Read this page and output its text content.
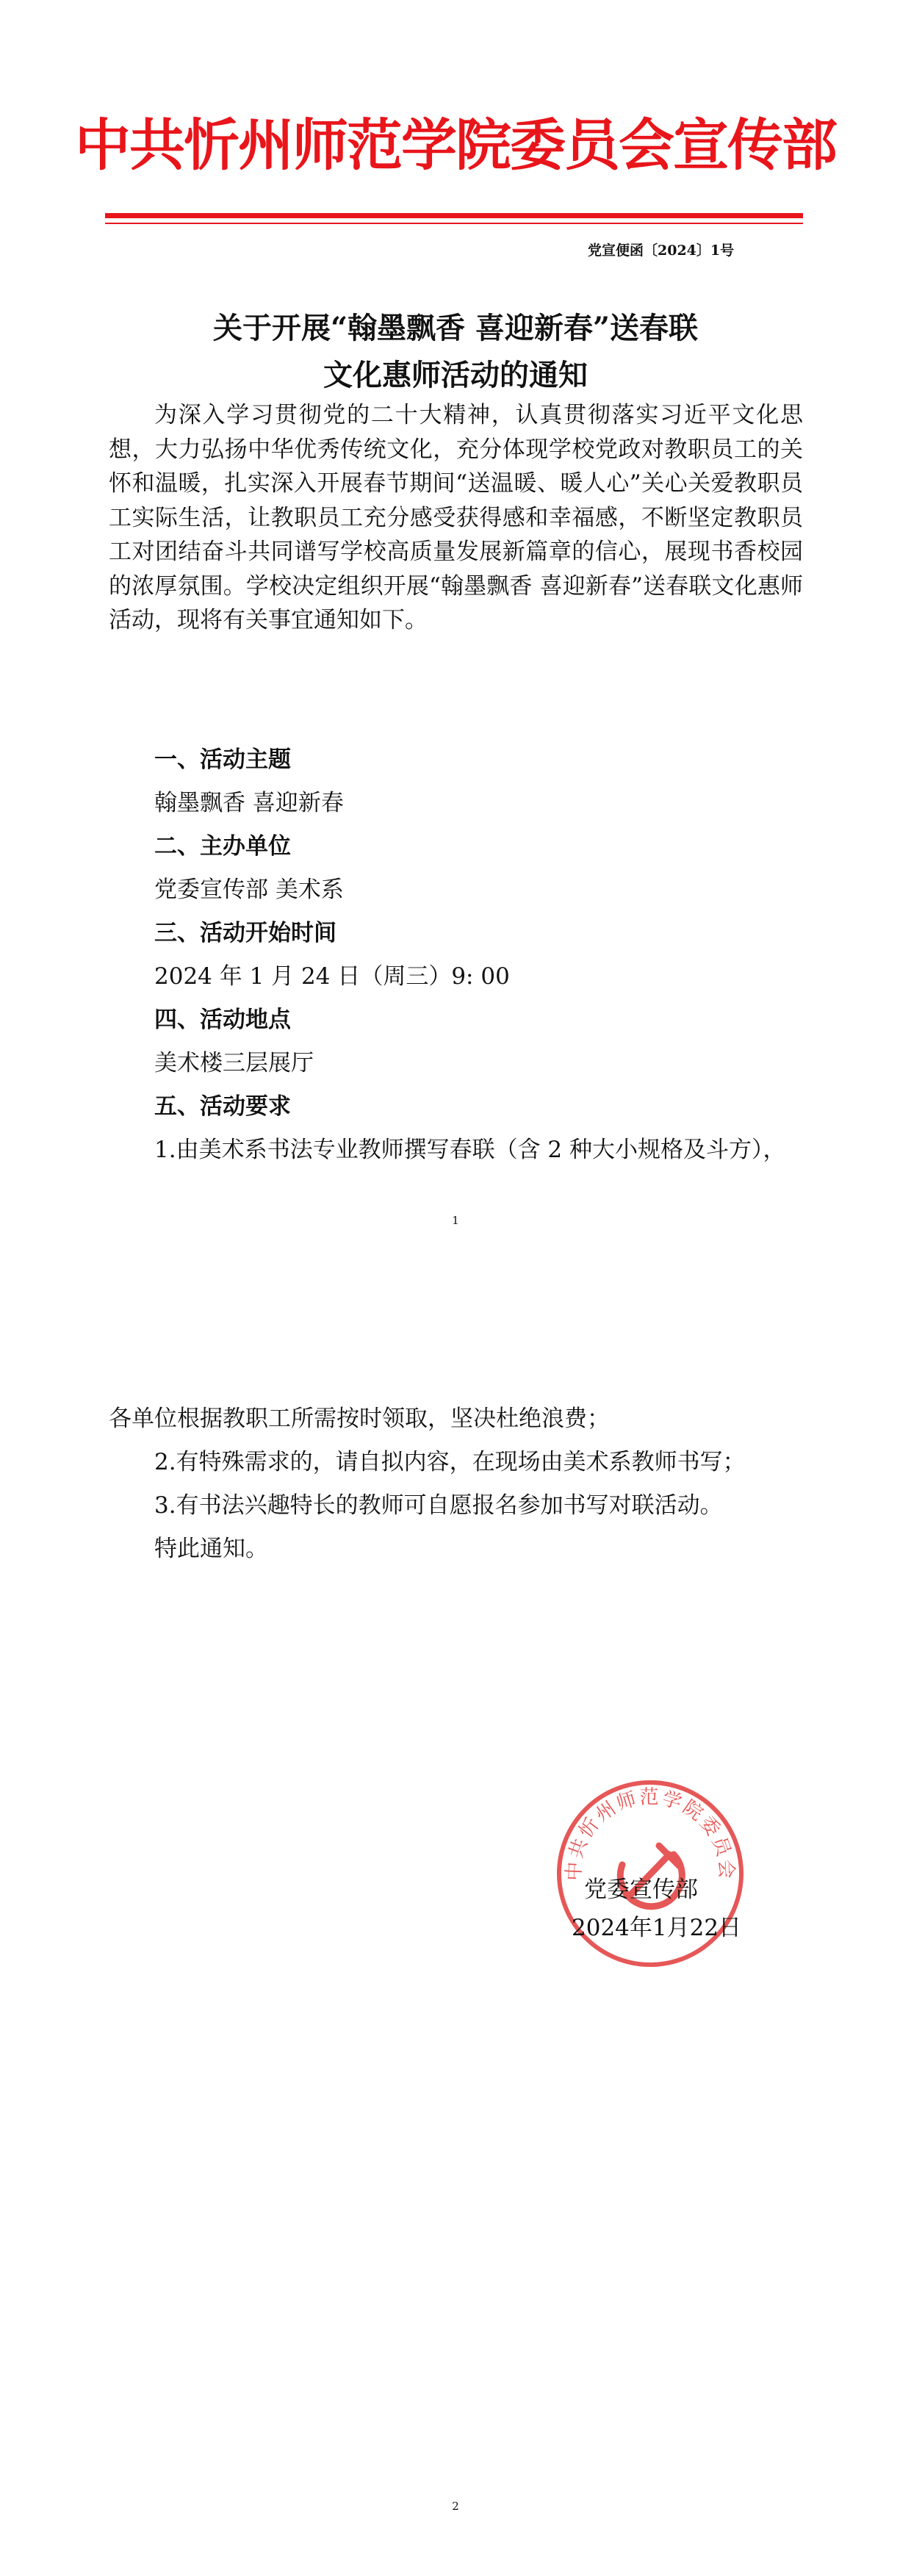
中共忻州师范学院委员会宣传部
党宣便函〔2024〕1号
关于开展“翰墨飘香 喜迎新春”送春联
文化惠师活动的通知
为深入学习贯彻党的二十大精神，认真贯彻落实习近平文化思想，大力弘扬中华优秀传统文化，充分体现学校党政对教职员工的关怀和温暖，扎实深入开展春节期间“送温暖、暖人心”关心关爱教职员工实际生活，让教职员工充分感受获得感和幸福感，不断坚定教职员工对团结奋斗共同谱写学校高质量发展新篇章的信心，展现书香校园的浓厚氛围。学校决定组织开展“翰墨飘香 喜迎新春”送春联文化惠师活动，现将有关事宜通知如下。
一、活动主题
翰墨飘香 喜迎新春
二、主办单位
党委宣传部 美术系
三、活动开始时间
2024 年 1 月 24 日（周三）9: 00
四、活动地点
美术楼三层展厅
五、活动要求
1.由美术系书法专业教师撰写春联（含 2 种大小规格及斗方），
1
各单位根据教职工所需按时领取，坚决杜绝浪费；
2.有特殊需求的，请自拟内容，在现场由美术系教师书写；
3.有书法兴趣特长的教师可自愿报名参加书写对联活动。
特此通知。
中共忻州师范学院委员会
党委宣传部
2024年1月22日
2
